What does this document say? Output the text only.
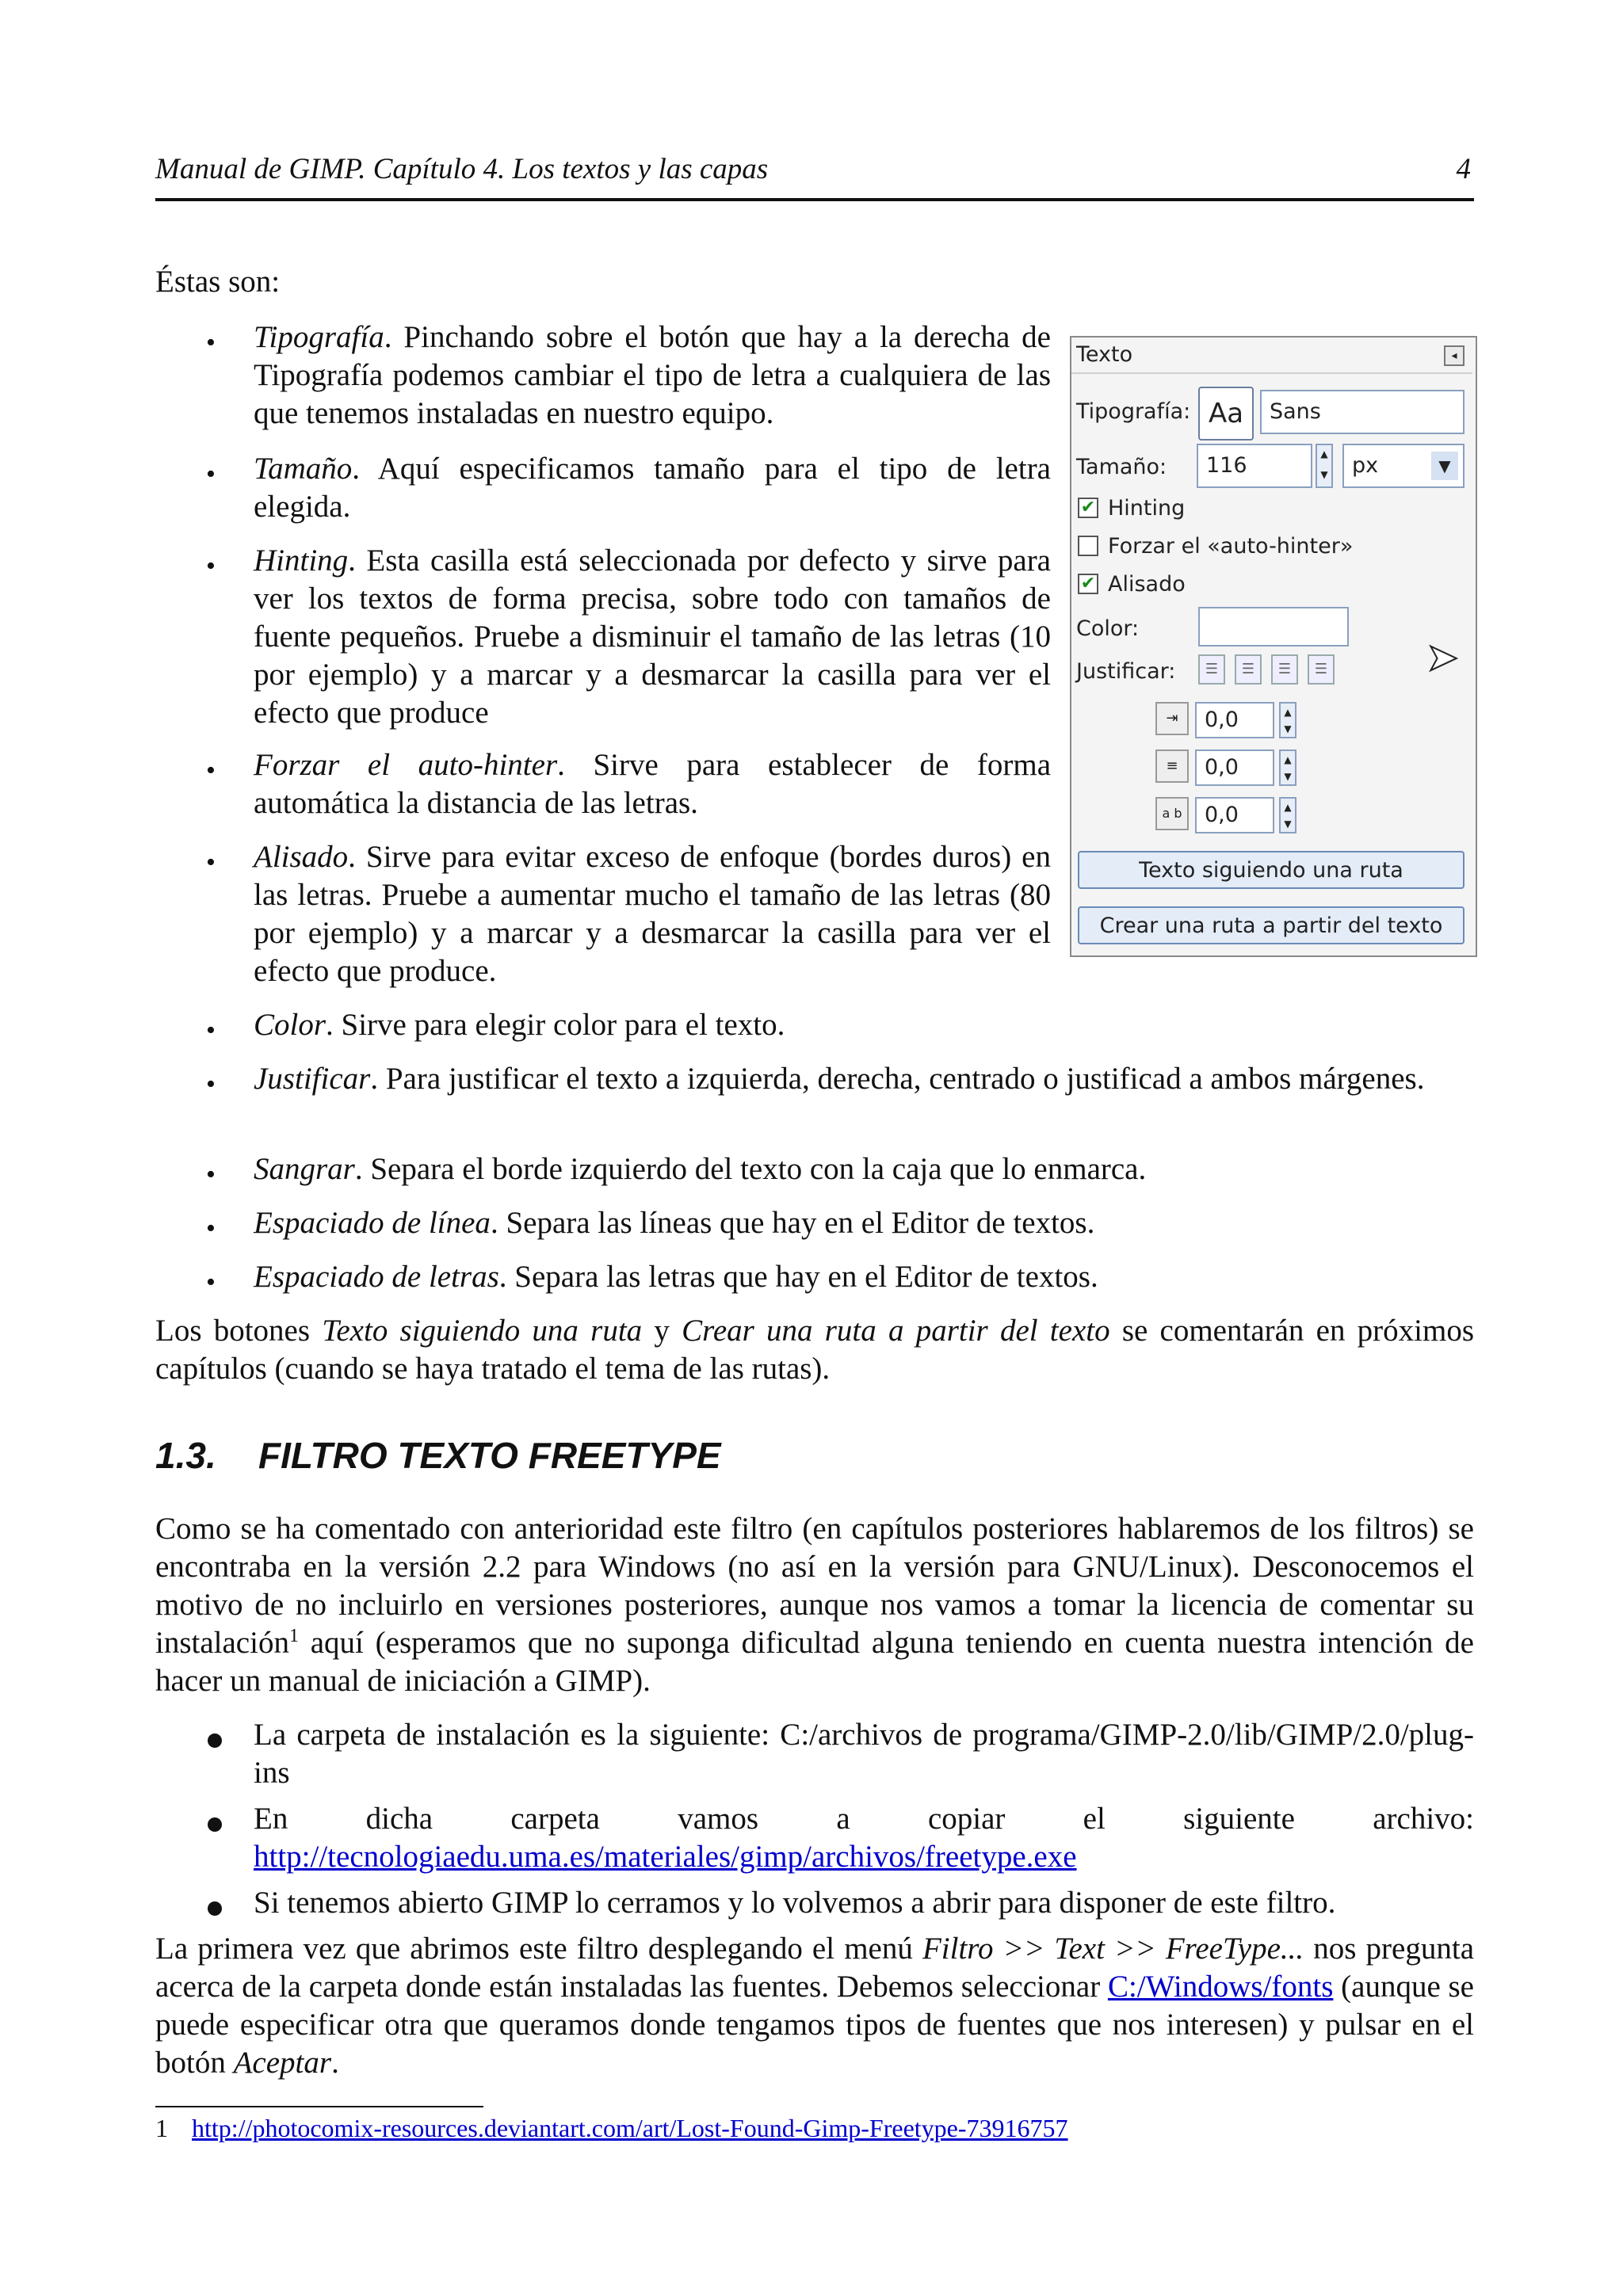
Manual de GIMP. Capítulo 4. Los textos y las capas	4
Éstas son:
• Tipografía. Pinchando sobre el botón que hay a la derecha de Tipografía podemos cambiar el tipo de letra a cualquiera de las que tenemos instaladas en nuestro equipo.
• Tamaño. Aquí especificamos tamaño para el tipo de letra elegida.
• Hinting. Esta casilla está seleccionada por defecto y sirve para ver los textos de forma precisa, sobre todo con tamaños de fuente pequeños. Pruebe a disminuir el tamaño de las letras (10 por ejemplo) y a marcar y a desmarcar la casilla para ver el efecto que produce
• Forzar el auto-hinter. Sirve para establecer de forma automática la distancia de las letras.
• Alisado. Sirve para evitar exceso de enfoque (bordes duros) en las letras. Pruebe a aumentar mucho el tamaño de las letras (80 por ejemplo) y a marcar y a desmarcar la casilla para ver el efecto que produce.
• Color. Sirve para elegir color para el texto.
• Justificar. Para justificar el texto a izquierda, derecha, centrado o justificad a ambos márgenes.
• Sangrar. Separa el borde izquierdo del texto con la caja que lo enmarca.
• Espaciado de línea. Separa las líneas que hay en el Editor de textos.
• Espaciado de letras. Separa las letras que hay en el Editor de textos.
Los botones Texto siguiendo una ruta y Crear una ruta a partir del texto se comentarán en próximos capítulos (cuando se haya tratado el tema de las rutas).
1.3. FILTRO TEXTO FREETYPE
Como se ha comentado con anterioridad este filtro (en capítulos posteriores hablaremos de los filtros) se encontraba en la versión 2.2 para Windows (no así en la versión para GNU/Linux). Desconocemos el motivo de no incluirlo en versiones posteriores, aunque nos vamos a tomar la licencia de comentar su instalación$^1$ aquí (esperamos que no suponga dificultad alguna teniendo en cuenta nuestra intención de hacer un manual de iniciación a GIMP).
La carpeta de instalación es la siguiente: C:/archivos de programa/GIMP-2.0/lib/GIMP/2.0/plug-ins
En dicha carpeta vamos a copiar el siguiente archivo: http://tecnologiaedu.uma.es/materiales/gimp/archivos/freetype.exe
Si tenemos abierto GIMP lo cerramos y lo volvemos a abrir para disponer de este filtro.
La primera vez que abrimos este filtro desplegando el menú Filtro >> Text >> FreeType... nos pregunta acerca de la carpeta donde están instaladas las fuentes. Debemos seleccionar C:/Windows/fonts (aunque se puede especificar otra que queramos donde tengamos tipos de fuentes que nos interesen) y pulsar en el botón Aceptar.
1 http://photocomix-resources.deviantart.com/art/Lost-Found-Gimp-Freetype-73916757
Texto	◂
Tipografía: Aa	Sans
Tamaño:	116	▲
▼	px	▼
✔ Hinting
Forzar el «auto-hinter»
✔ Alisado
Color:
Justificar:	☰	☰	☰	☰	➤
⇥	0,0	▲
▼
≡	0,0	▲
▼
a b	0,0	▲
▼
Texto siguiendo una ruta
Crear una ruta a partir del texto
